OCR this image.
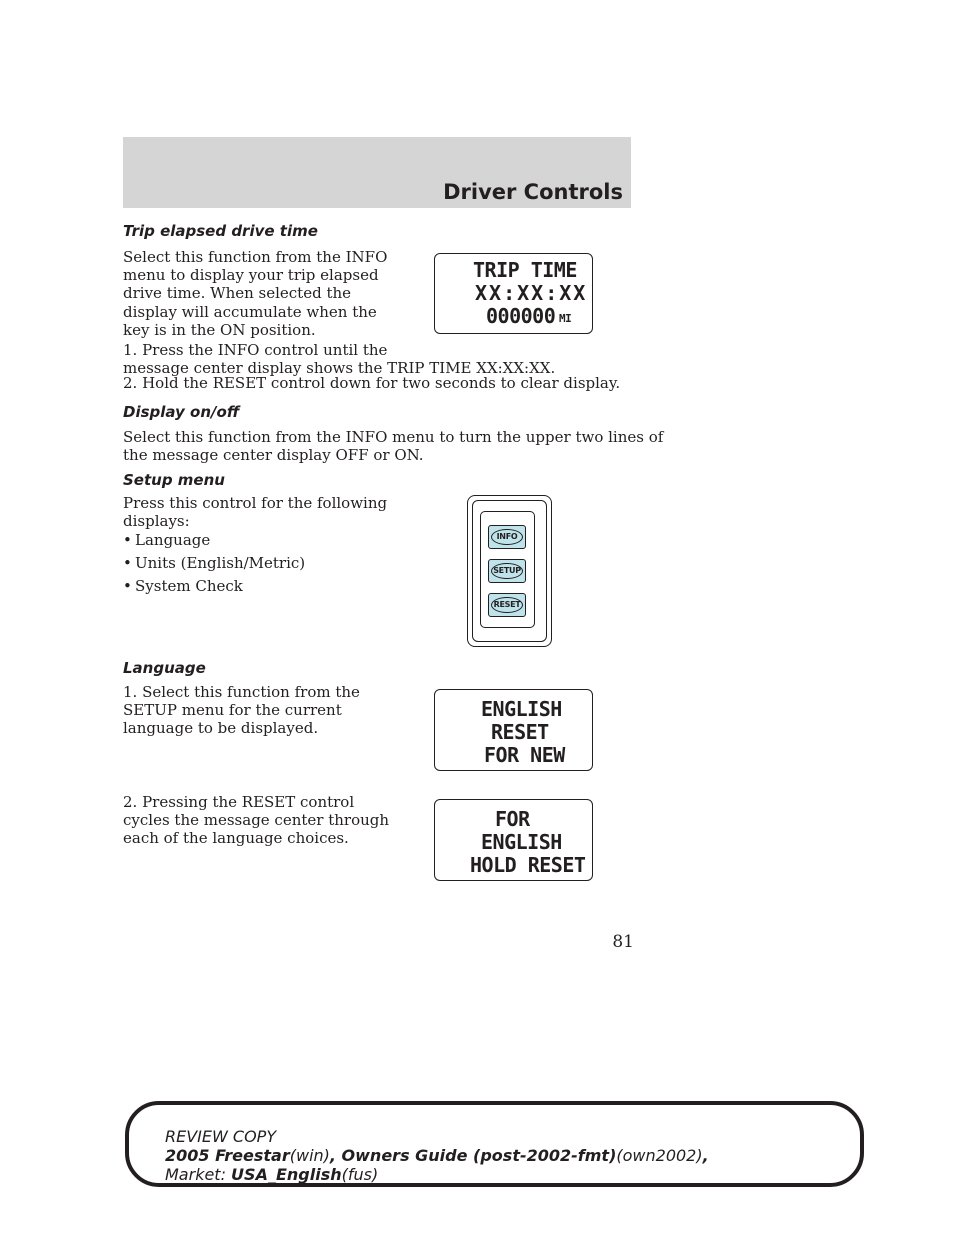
Driver Controls

Trip elapsed drive time

Select this function from the INFO
menu to display your trip elapsed
drive time. When selected the
display will accumulate when the
key is in the ON position.

1. Press the INFO control until the
message center display shows the TRIP TIME XX:XX:XX.

2. Hold the RESET control down for two seconds to clear display.

TRIP TIME
XX:XX:XX
000000 MI

Display on/off

Select this function from the INFO menu to turn the upper two lines of
the message center display OFF or ON.

Setup menu

Press this control for the following
displays:

• Language
• Units (English/Metric)
• System Check
INFO
SETUP
RESET

Language

1. Select this function from the
SETUP menu for the current
language to be displayed.

2. Pressing the RESET control
cycles the message center through
each of the language choices.

ENGLISH
RESET
FOR NEW
FOR
ENGLISH
HOLD RESET
81

REVIEW COPY

2005 Freestar(win), Owners Guide (post-2002-fmt)(own2002),

Market: USA_English(fus)
